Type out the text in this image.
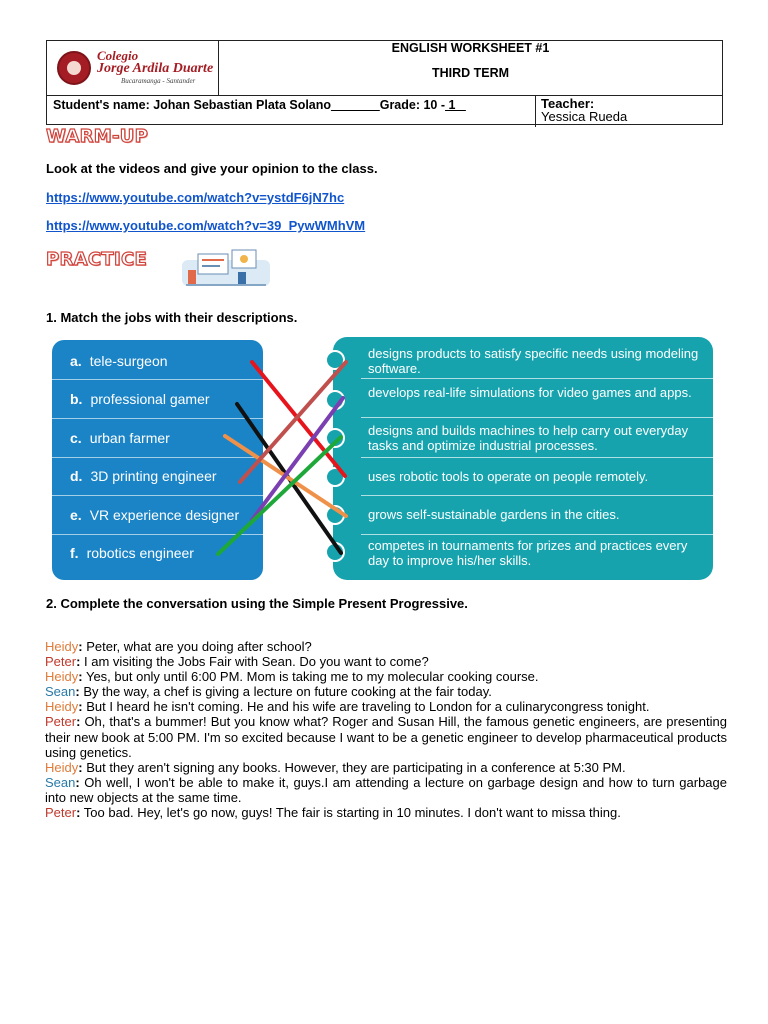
Colegio
Jorge Ardila Duarte
Bucaramanga - Santander
ENGLISH WORKSHEET #1
THIRD TERM
Student's name: Johan Sebastian Plata Solano_______Grade: 10 - 1	Teacher:
Yessica Rueda
WARM-UP
Look at the videos and give your opinion to the class.
https://www.youtube.com/watch?v=ystdF6jN7hc
https://www.youtube.com/watch?v=39_PywWMhVM
PRACTICE
1. Match the jobs with their descriptions.
a. tele-surgeon
b. professional gamer
c. urban farmer
d. 3D printing engineer
e. VR experience designer
f. robotics engineer
designs products to satisfy specific needs using modeling software.
develops real-life simulations for video games and apps.
designs and builds machines to help carry out everyday tasks and optimize industrial processes.
uses robotic tools to operate on people remotely.
grows self-sustainable gardens in the cities.
competes in tournaments for prizes and practices every day to improve his/her skills.
2. Complete the conversation using the Simple Present Progressive.

Heidy: Peter, what are you doing after school?

Peter: I am visiting the Jobs Fair with Sean. Do you want to come?

Heidy: Yes, but only until 6:00 PM. Mom is taking me to my molecular cooking course.

Sean: By the way, a chef is giving a lecture on future cooking at the fair today.

Heidy: But I heard he isn't coming. He and his wife are traveling to London for a culinarycongress tonight.

Peter: Oh, that's a bummer! But you know what? Roger and Susan Hill, the famous genetic engineers, are presenting their new book at 5:00 PM. I'm so excited because I want to be a genetic engineer to develop pharmaceutical products using genetics.

Heidy: But they aren't signing any books. However, they are participating in a conference at 5:30 PM.

Sean: Oh well, I won't be able to make it, guys.I am attending a lecture on garbage design and how to turn garbage into new objects at the same time.

Peter: Too bad. Hey, let's go now, guys! The fair is starting in 10 minutes. I don't want to missa thing.
